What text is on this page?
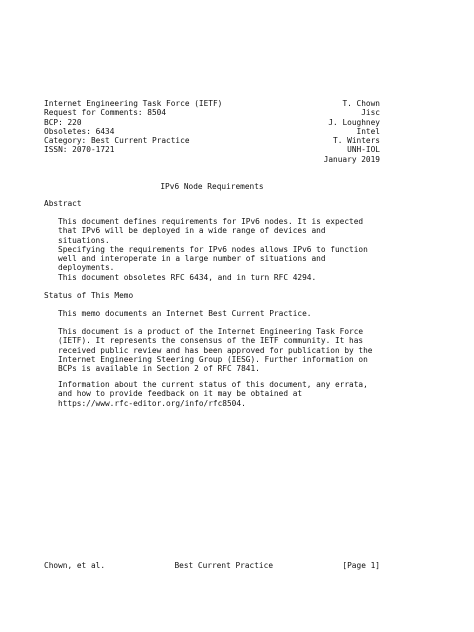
Internet Engineering Task Force (IETF)	T. Chown
Request for Comments: 8504	Jisc
BCP: 220	J. Loughney
Obsoletes: 6434	Intel
Category: Best Current Practice	T. Winters
ISSN: 2070-1721	UNH-IOL
January 2019
IPv6 Node Requirements
Abstract
This document defines requirements for IPv6 nodes. It is expected
that IPv6 will be deployed in a wide range of devices and situations.
Specifying the requirements for IPv6 nodes allows IPv6 to function
well and interoperate in a large number of situations and
deployments.
This document obsoletes RFC 6434, and in turn RFC 4294.
Status of This Memo
This memo documents an Internet Best Current Practice.
This document is a product of the Internet Engineering Task Force
(IETF). It represents the consensus of the IETF community. It has
received public review and has been approved for publication by the
Internet Engineering Steering Group (IESG). Further information on
BCPs is available in Section 2 of RFC 7841.
Information about the current status of this document, any errata,
and how to provide feedback on it may be obtained at
https://www.rfc-editor.org/info/rfc8504.
Chown, et al.	Best Current Practice	[Page 1]
